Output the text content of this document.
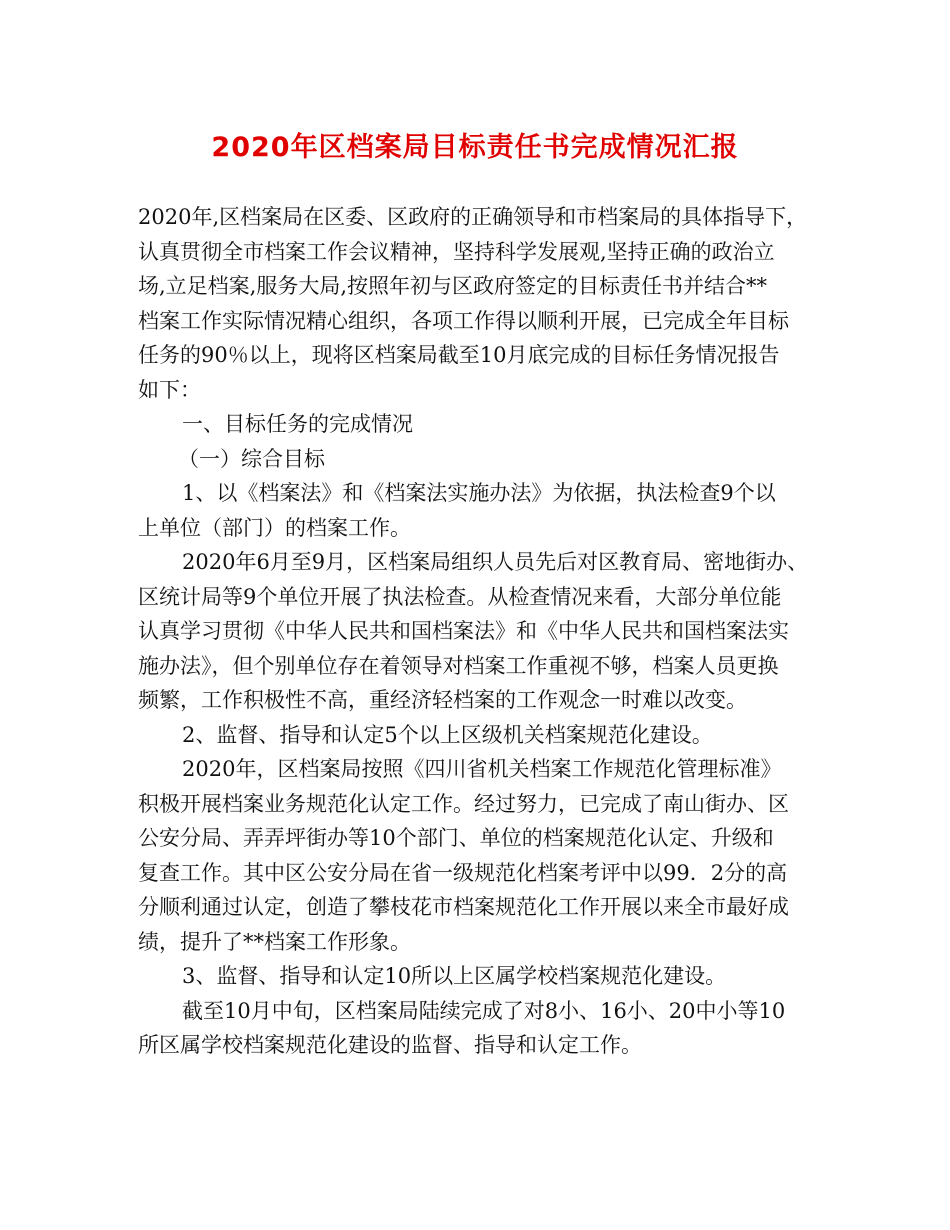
2020年区档案局目标责任书完成情况汇报
2020年,区档案局在区委、区政府的正确领导和市档案局的具体指导下，
认真贯彻全市档案工作会议精神，坚持科学发展观,坚持正确的政治立
场,立足档案,服务大局,按照年初与区政府签定的目标责任书并结合**
档案工作实际情况精心组织，各项工作得以顺利开展，已完成全年目标
任务的90％以上，现将区档案局截至10月底完成的目标任务情况报告
如下：
一、目标任务的完成情况
（一）综合目标
1、以《档案法》和《档案法实施办法》为依据，执法检查9个以
上单位（部门）的档案工作。
2020年6月至9月，区档案局组织人员先后对区教育局、密地街办、
区统计局等9个单位开展了执法检查。从检查情况来看，大部分单位能
认真学习贯彻《中华人民共和国档案法》和《中华人民共和国档案法实
施办法》，但个别单位存在着领导对档案工作重视不够，档案人员更换
频繁，工作积极性不高，重经济轻档案的工作观念一时难以改变。
2、监督、指导和认定5个以上区级机关档案规范化建设。
2020年，区档案局按照《四川省机关档案工作规范化管理标准》
积极开展档案业务规范化认定工作。经过努力，已完成了南山街办、区
公安分局、弄弄坪街办等10个部门、单位的档案规范化认定、升级和
复查工作。其中区公安分局在省一级规范化档案考评中以99．2分的高
分顺利通过认定，创造了攀枝花市档案规范化工作开展以来全市最好成
绩，提升了**档案工作形象。
3、监督、指导和认定10所以上区属学校档案规范化建设。
截至10月中旬，区档案局陆续完成了对8小、16小、20中小等10
所区属学校档案规范化建设的监督、指导和认定工作。
